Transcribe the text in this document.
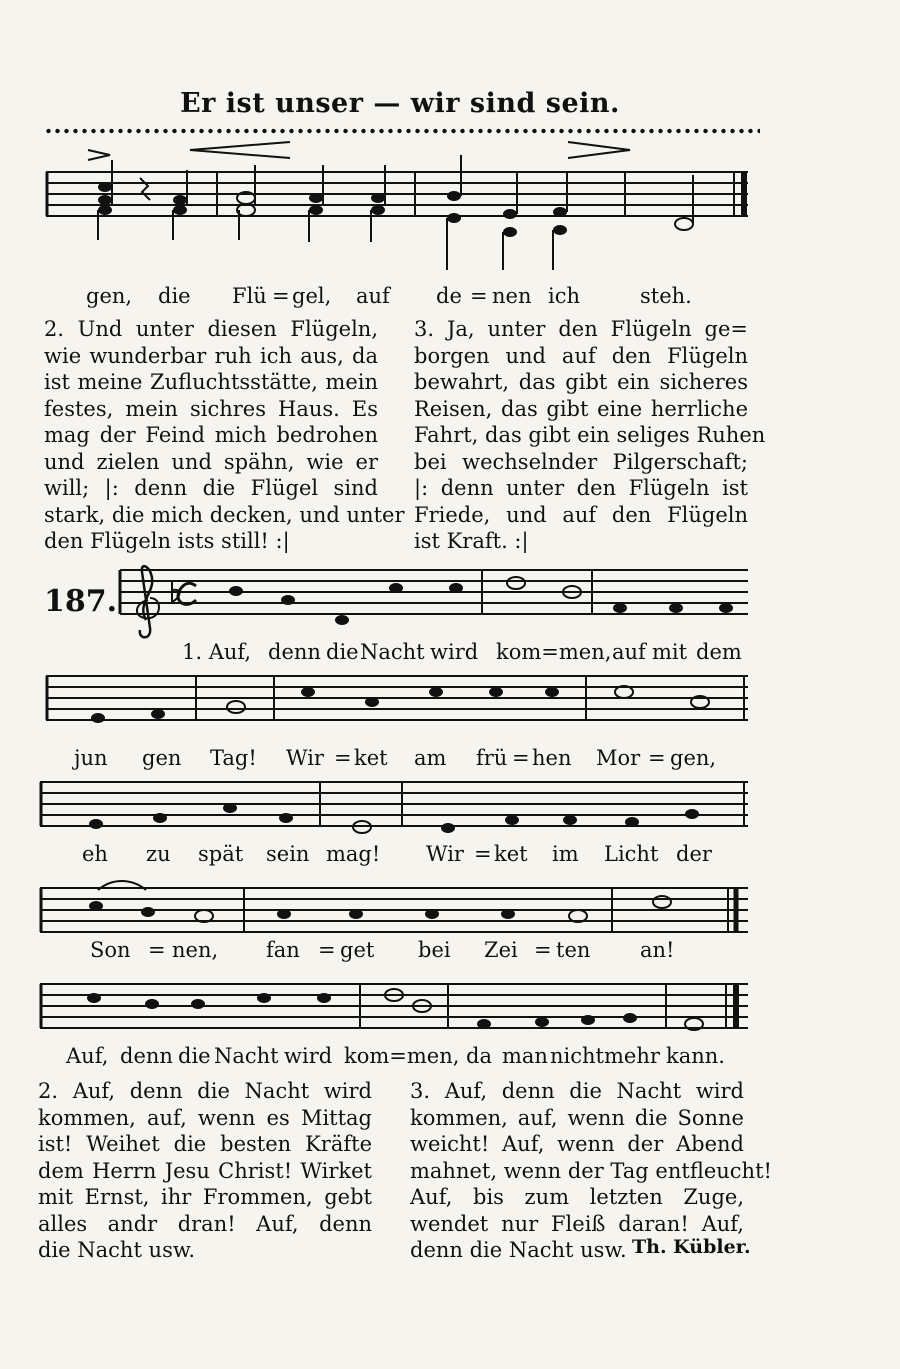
Er ist unser — wir sind sein.
gen, die Flü = gel, auf de = nen ich	steh.
2. Und unter diesen Flügeln,
wie wunderbar ruh ich aus, da
ist meine Zufluchtsstätte, mein
festes, mein sichres Haus. Es
mag der Feind mich bedrohen
und zielen und spähn, wie er
will; |: denn die Flügel sind
stark, die mich decken, und unter
den Flügeln ists still! :|
3. Ja, unter den Flügeln ge=
borgen und auf den Flügeln
bewahrt, das gibt ein sicheres
Reisen, das gibt eine herrliche
Fahrt, das gibt ein seliges Ruhen
bei wechselnder Pilgerschaft;
|: denn unter den Flügeln ist
Friede, und auf den Flügeln
ist Kraft. :|
187.
1. Auf, denn die Nacht wird kom=men, auf mit dem
jun gen Tag! Wir = ket am frü = hen Mor = gen,
eh zu spät sein mag! Wir = ket im Licht der
Son = nen, fan = get bei Zei = ten an!
Auf, denn die Nacht wird kom=men, da man nicht mehr kann.
2. Auf, denn die Nacht wird
kommen, auf, wenn es Mittag
ist! Weihet die besten Kräfte
dem Herrn Jesu Christ! Wirket
mit Ernst, ihr Frommen, gebt
alles andr dran! Auf, denn
die Nacht usw.
3. Auf, denn die Nacht wird
kommen, auf, wenn die Sonne
weicht! Auf, wenn der Abend
mahnet, wenn der Tag entfleucht!
Auf, bis zum letzten Zuge,
wendet nur Fleiß daran! Auf,
denn die Nacht usw. Th. Kübler.
